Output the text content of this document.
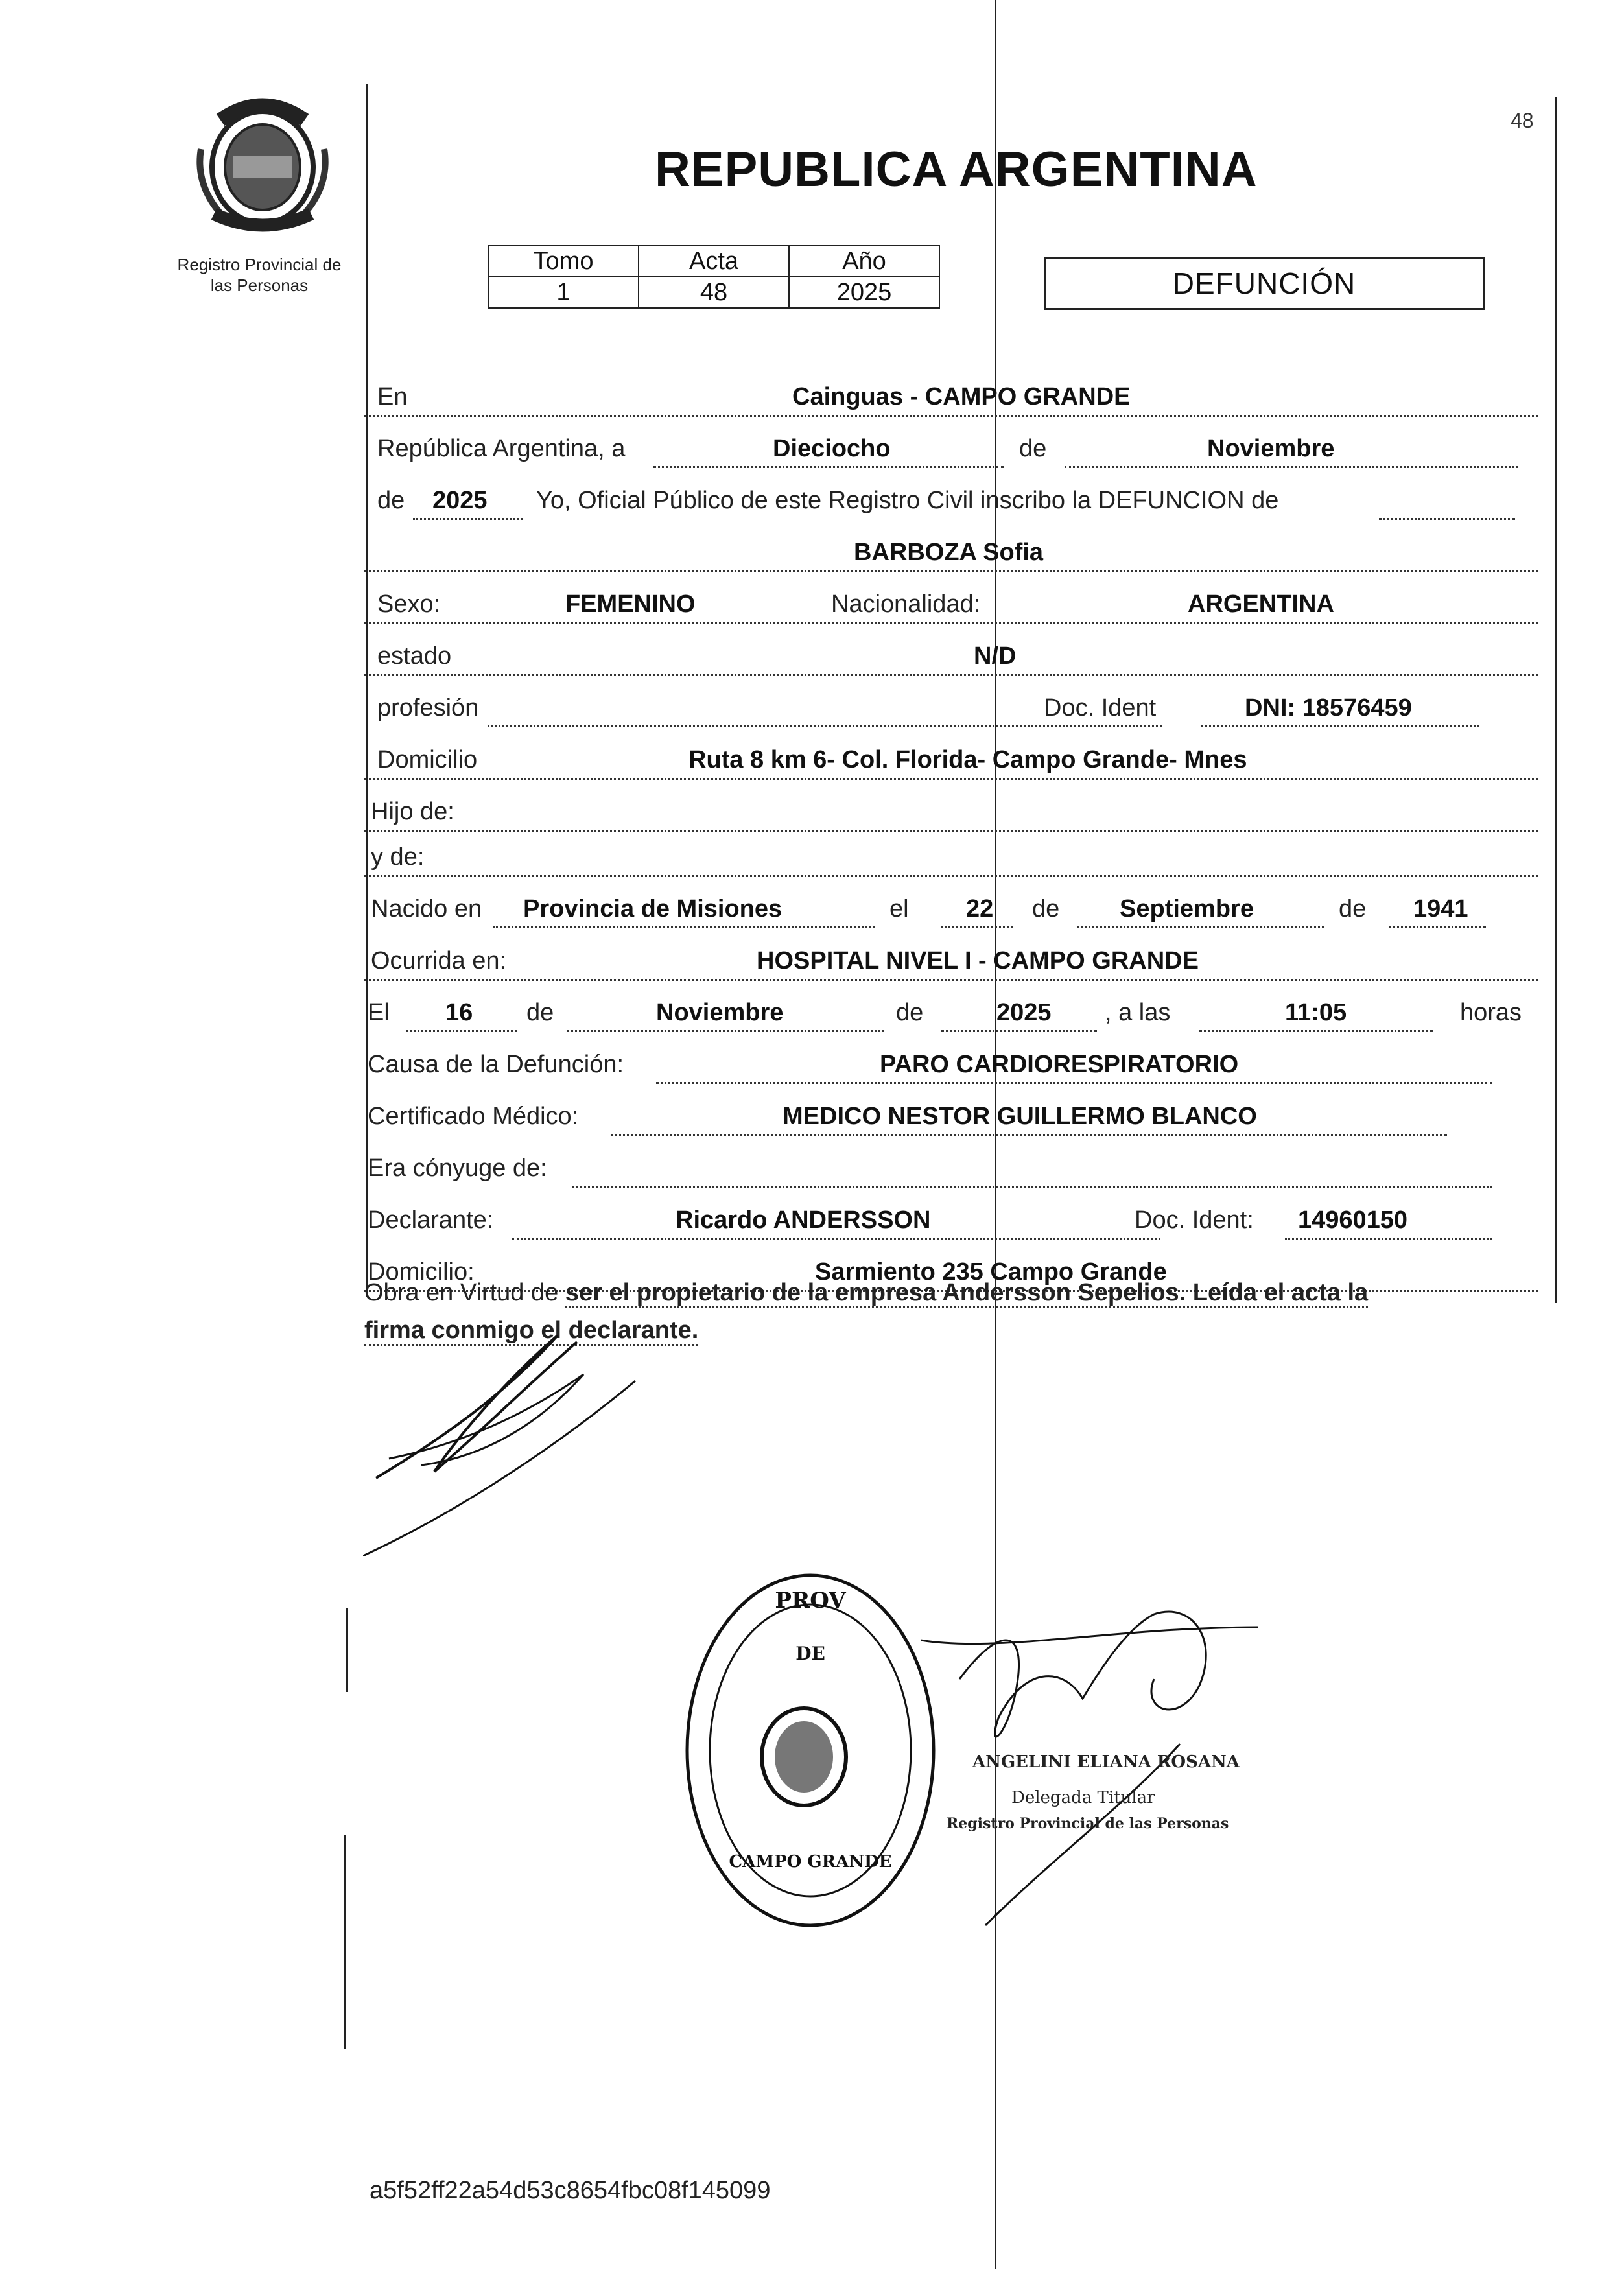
Registro Provincial de
las Personas
48
REPUBLICA ARGENTINA
Tomo	Acta	Año
1	48	2025	DEFUNCIÓN
En	Cainguas - CAMPO GRANDE
República Argentina, a	Dieciocho	de	Noviembre
de 2025 Yo, Oficial Público de este Registro Civil inscribo la DEFUNCION de
BARBOZA Sofia
Sexo:	FEMENINO	Nacionalidad:	ARGENTINA
estado	N/D
profesión	Doc. Ident	DNI: 18576459
Domicilio	Ruta 8 km 6- Col. Florida- Campo Grande- Mnes
Hijo de:
y de:
Nacido en Provincia de Misiones	el 22 de Septiembre	de 1941
Ocurrida en:	HOSPITAL NIVEL I - CAMPO GRANDE
El 16 de	Noviembre	de	2025 , a las	11:05	horas
Causa de la Defunción:	PARO CARDIORESPIRATORIO
Certificado Médico:	MEDICO NESTOR GUILLERMO BLANCO
Era cónyuge de:
Declarante:	Ricardo ANDERSSON	Doc. Ident: 14960150
Domicilio:	Sarmiento 235 Campo Grande
Obra en Virtud de ser el propietario de la empresa Andersson Sepelios. Leída el acta la
firma conmigo el declarante.
PROV
DE
CAMPO GRANDE
ANGELINI ELIANA ROSANA
Delegada Titular
Registro Provincial de las Personas
a5f52ff22a54d53c8654fbc08f145099
